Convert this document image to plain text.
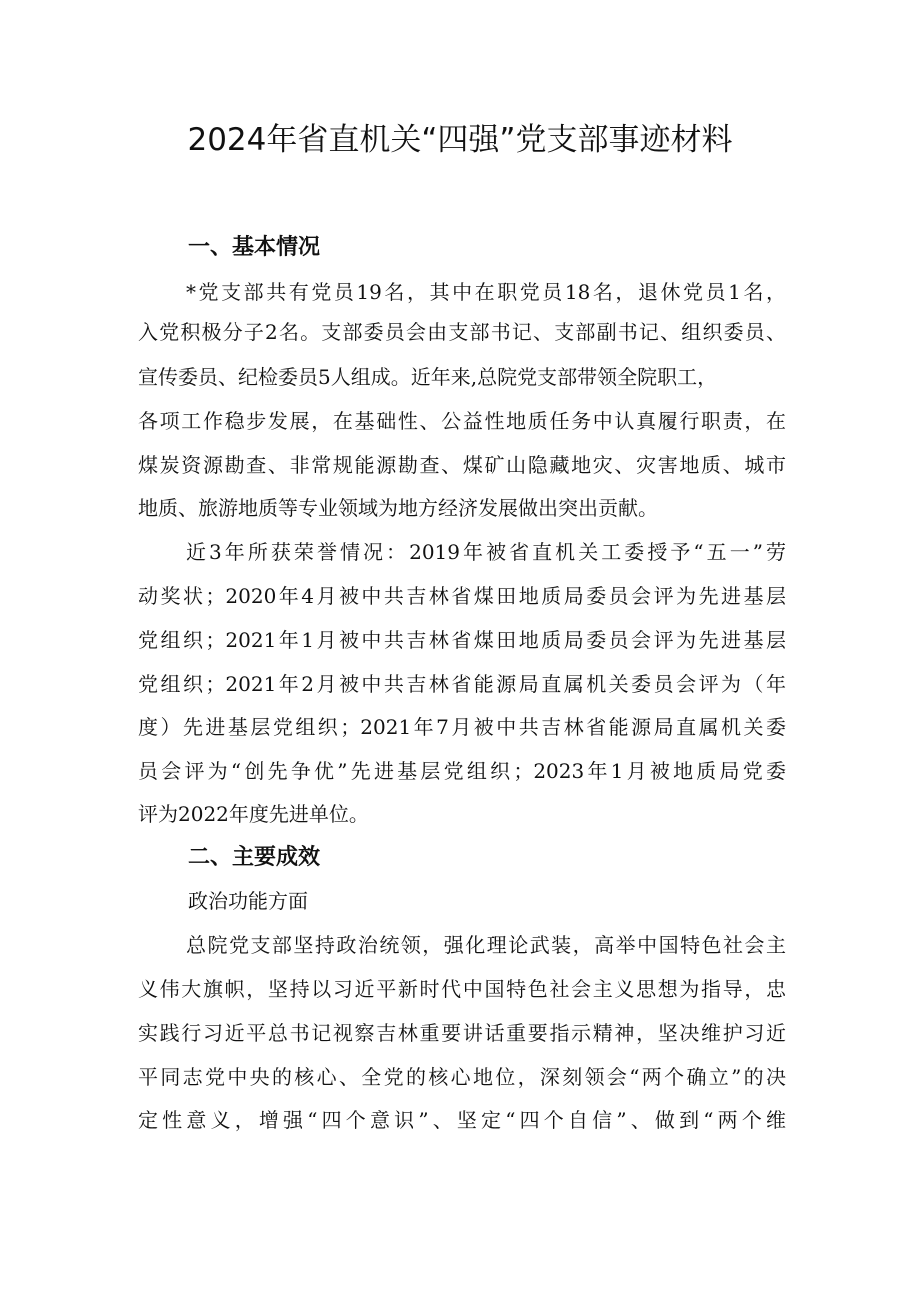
2024年省直机关“四强”党支部事迹材料
一、基本情况
*党支部共有党员19名，其中在职党员18名，退休党员1名，
入党积极分子2名。支部委员会由支部书记、支部副书记、组织委员、
宣传委员、纪检委员5人组成。近年来,总院党支部带领全院职工，
各项工作稳步发展，在基础性、公益性地质任务中认真履行职责，在
煤炭资源勘查、非常规能源勘查、煤矿山隐藏地灾、灾害地质、城市
地质、旅游地质等专业领域为地方经济发展做出突出贡献。
近3年所获荣誉情况：2019年被省直机关工委授予“五一”劳
动奖状；2020年4月被中共吉林省煤田地质局委员会评为先进基层
党组织；2021年1月被中共吉林省煤田地质局委员会评为先进基层
党组织；2021年2月被中共吉林省能源局直属机关委员会评为（年
度）先进基层党组织；2021年7月被中共吉林省能源局直属机关委
员会评为“创先争优”先进基层党组织；2023年1月被地质局党委
评为2022年度先进单位。
二、主要成效
政治功能方面
总院党支部坚持政治统领，强化理论武装，高举中国特色社会主
义伟大旗帜，坚持以习近平新时代中国特色社会主义思想为指导，忠
实践行习近平总书记视察吉林重要讲话重要指示精神，坚决维护习近
平同志党中央的核心、全党的核心地位，深刻领会“两个确立”的决
定性意义，增强“四个意识”、坚定“四个自信”、做到“两个维
